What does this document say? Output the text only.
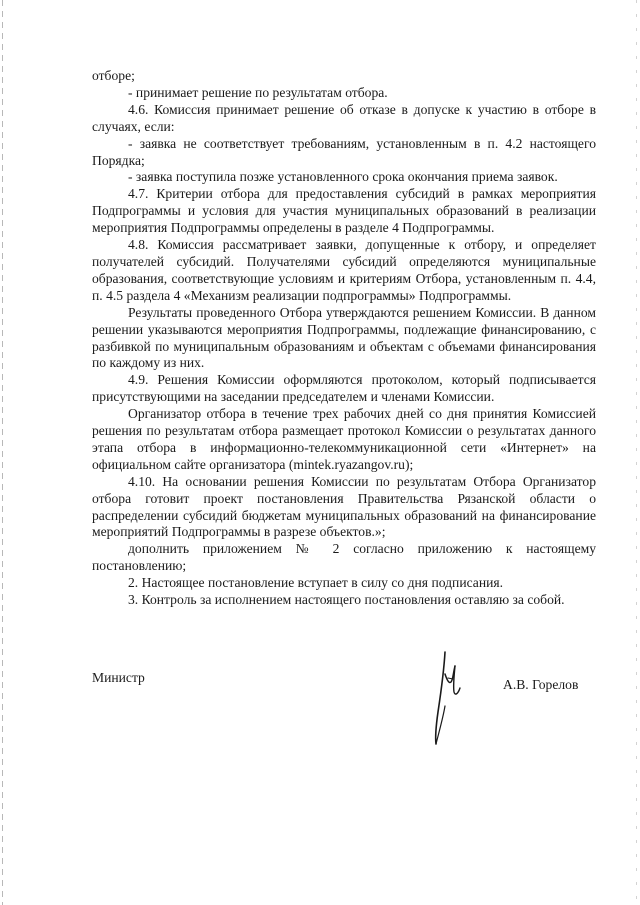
отборе;

- принимает решение по результатам отбора.

4.6. Комиссия принимает решение об отказе в допуске к участию в отборе в случаях, если:

- заявка не соответствует требованиям, установленным в п. 4.2 настоящего Порядка;

- заявка поступила позже установленного срока окончания приема заявок.

4.7. Критерии отбора для предоставления субсидий в рамках мероприятия Подпрограммы и условия для участия муниципальных образований в реализации мероприятия Подпрограммы определены в разделе 4 Подпрограммы.

4.8. Комиссия рассматривает заявки, допущенные к отбору, и определяет получателей субсидий. Получателями субсидий определяются муниципальные образования, соответствующие условиям и критериям Отбора, установленным п. 4.4, п. 4.5 раздела 4 «Механизм реализации подпрограммы» Подпрограммы.

Результаты проведенного Отбора утверждаются решением Комиссии. В данном решении указываются мероприятия Подпрограммы, подлежащие финансированию, с разбивкой по муниципальным образованиям и объектам с объемами финансирования по каждому из них.

4.9. Решения Комиссии оформляются протоколом, который подписывается присутствующими на заседании председателем и членами Комиссии.

Организатор отбора в течение трех рабочих дней со дня принятия Комиссией решения по результатам отбора размещает протокол Комиссии о результатах данного этапа отбора в информационно-телекоммуникационной сети «Интернет» на официальном сайте организатора (mintek.ryazangov.ru);

4.10. На основании решения Комиссии по результатам Отбора Организатор отбора готовит проект постановления Правительства Рязанской области о распределении субсидий бюджетам муниципальных образований на финансирование мероприятий Подпрограммы в разрезе объектов.»;

дополнить приложением № 2 согласно приложению к настоящему постановлению;

2. Настоящее постановление вступает в силу со дня подписания.

3. Контроль за исполнением настоящего постановления оставляю за собой.

Министр	А.В. Горелов
